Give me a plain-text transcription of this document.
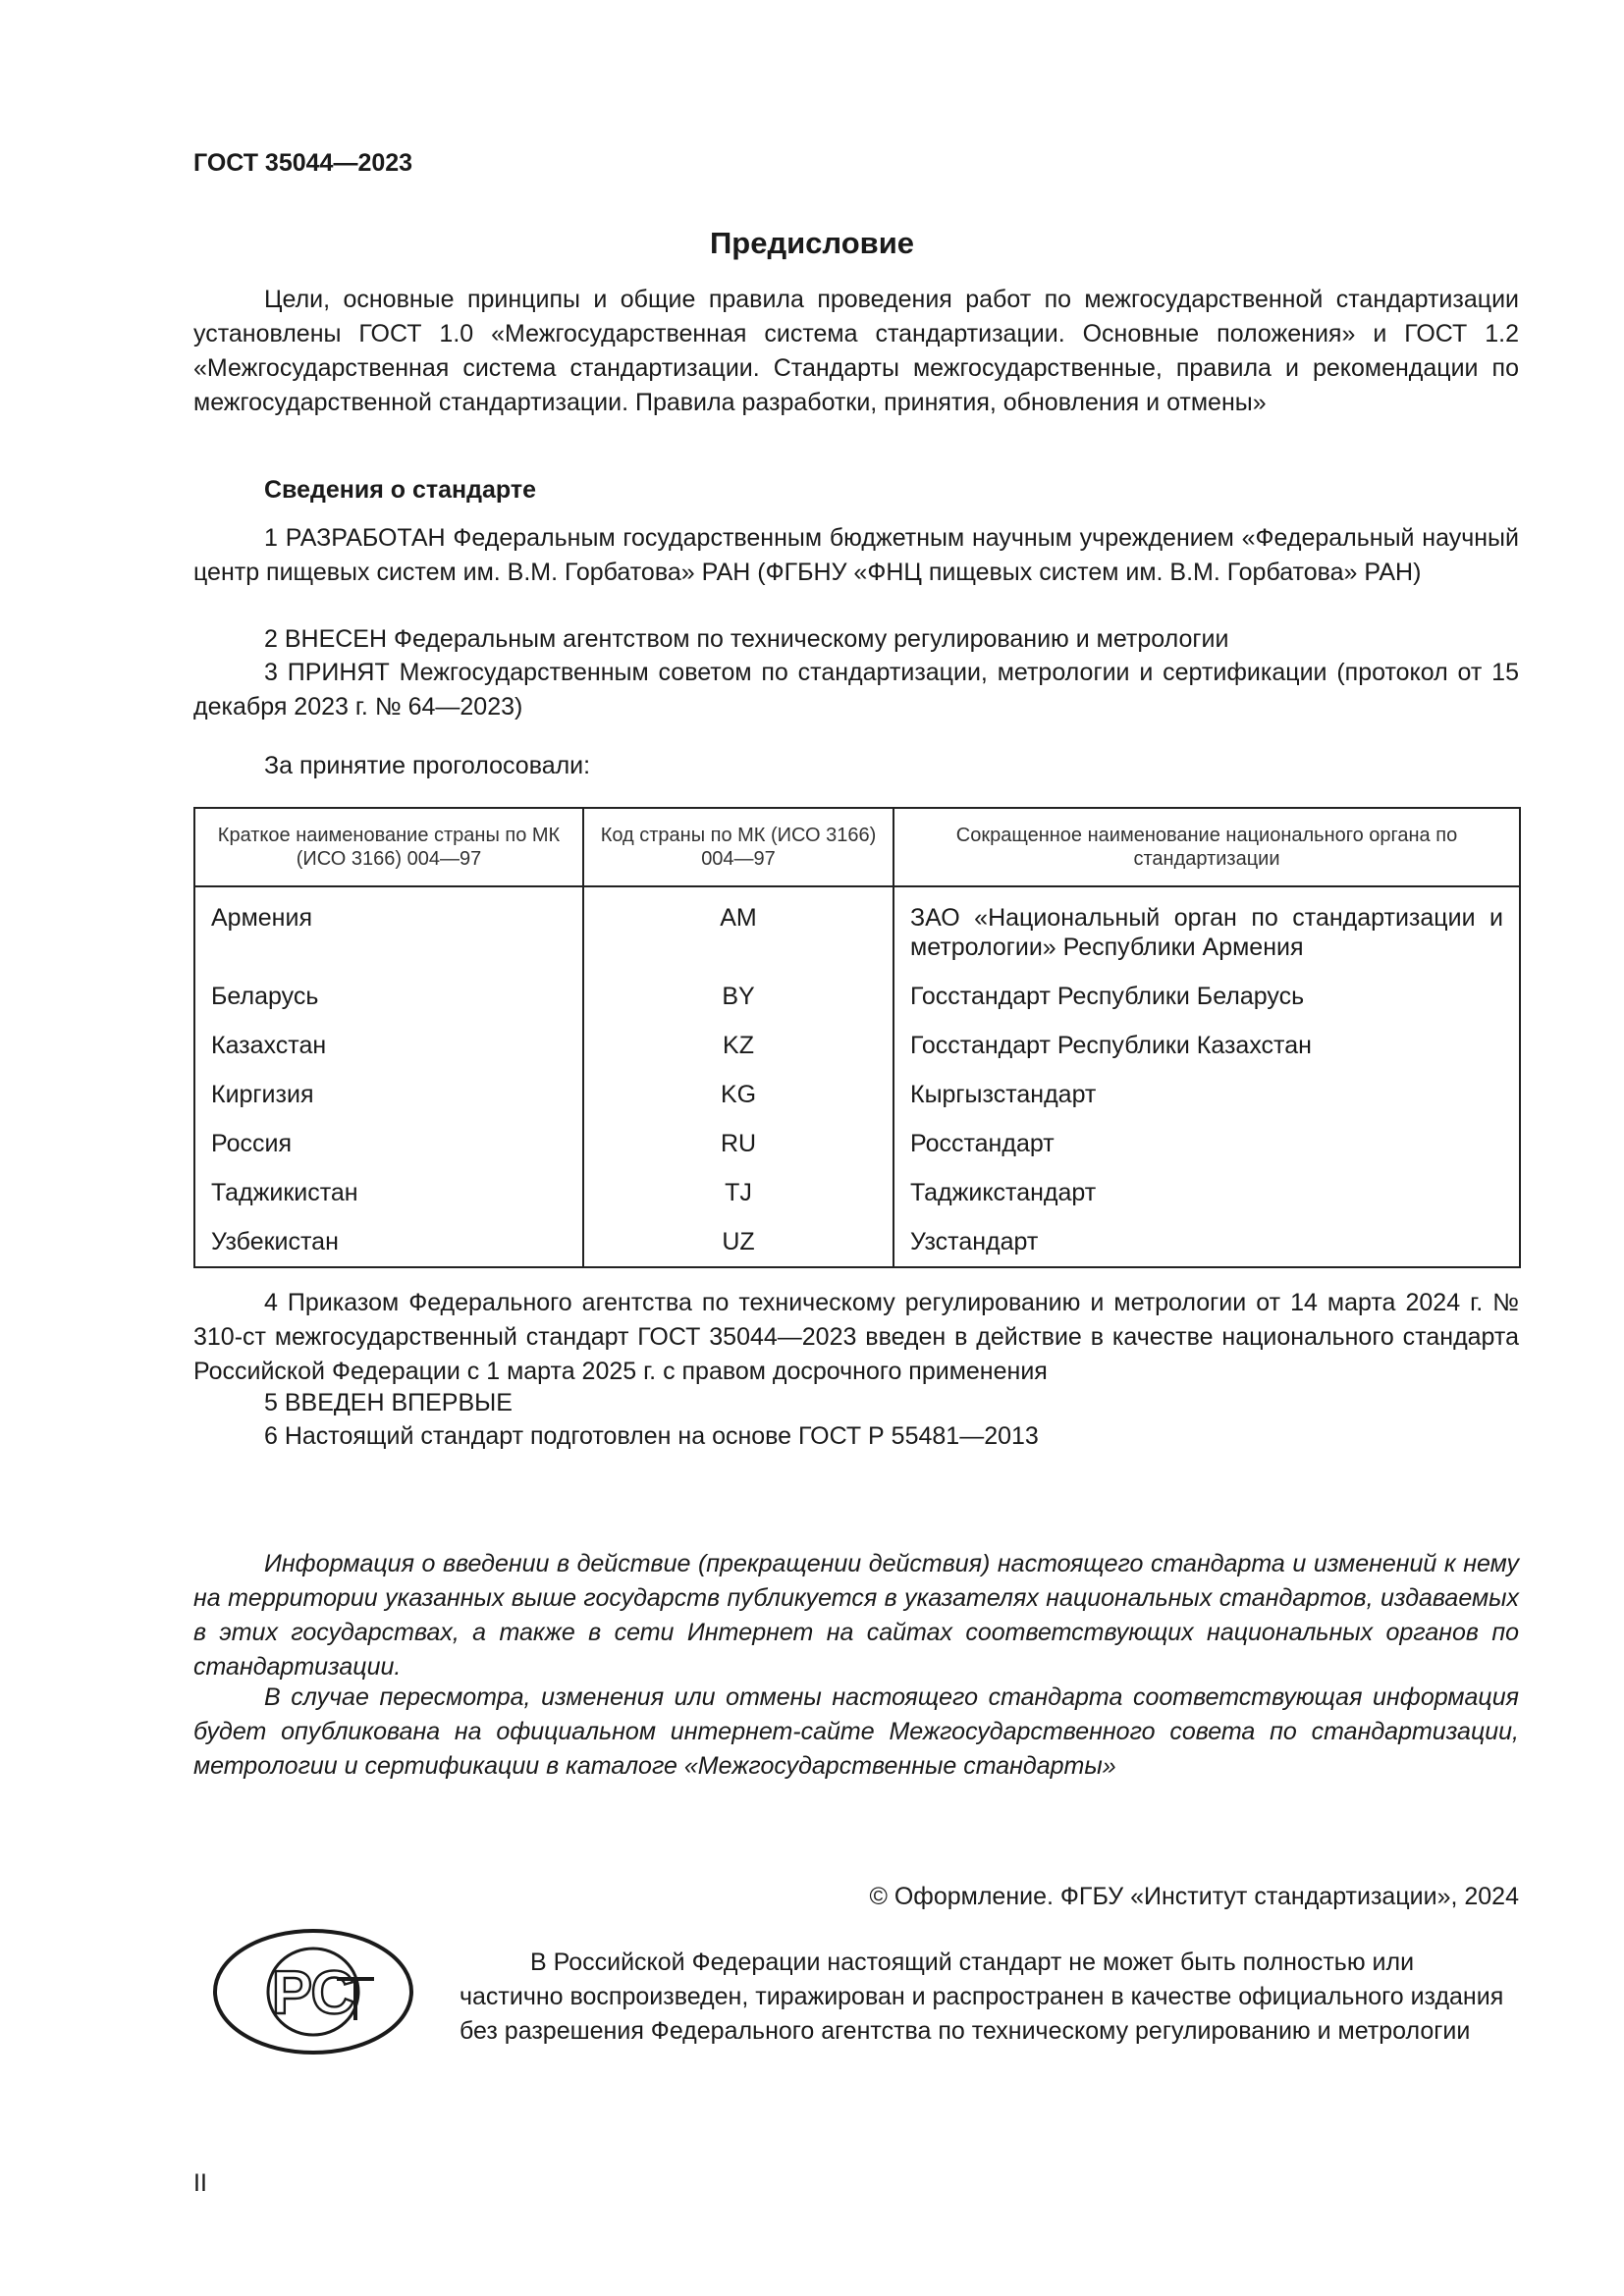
ГОСТ 35044—2023
Предисловие
Цели, основные принципы и общие правила проведения работ по межгосударственной стандартизации установлены ГОСТ 1.0 «Межгосударственная система стандартизации. Основные положения» и ГОСТ 1.2 «Межгосударственная система стандартизации. Стандарты межгосударственные, правила и рекомендации по межгосударственной стандартизации. Правила разработки, принятия, обновления и отмены»
Сведения о стандарте
1 РАЗРАБОТАН Федеральным государственным бюджетным научным учреждением «Федеральный научный центр пищевых систем им. В.М. Горбатова» РАН (ФГБНУ «ФНЦ пищевых систем им. В.М. Горбатова» РАН)
2 ВНЕСЕН Федеральным агентством по техническому регулированию и метрологии
3 ПРИНЯТ Межгосударственным советом по стандартизации, метрологии и сертификации (протокол от 15 декабря 2023 г. № 64—2023)
За принятие проголосовали:
Краткое наименование страны по МК (ИСО 3166) 004—97	Код страны по МК (ИСО 3166) 004—97	Сокращенное наименование национального органа по стандартизации
Армения	AM	ЗАО «Национальный орган по стандартизации и метрологии» Республики Армения
Беларусь	BY	Госстандарт Республики Беларусь
Казахстан	KZ	Госстандарт Республики Казахстан
Киргизия	KG	Кыргызстандарт
Россия	RU	Росстандарт
Таджикистан	TJ	Таджикстандарт
Узбекистан	UZ	Узстандарт
4 Приказом Федерального агентства по техническому регулированию и метрологии от 14 марта 2024 г. № 310-ст межгосударственный стандарт ГОСТ 35044—2023 введен в действие в качестве национального стандарта Российской Федерации с 1 марта 2025 г. с правом досрочного применения
5 ВВЕДЕН ВПЕРВЫЕ
6 Настоящий стандарт подготовлен на основе ГОСТ Р 55481—2013
Информация о введении в действие (прекращении действия) настоящего стандарта и изменений к нему на территории указанных выше государств публикуется в указателях национальных стандартов, издаваемых в этих государствах, а также в сети Интернет на сайтах соответствующих национальных органов по стандартизации.
В случае пересмотра, изменения или отмены настоящего стандарта соответствующая информация будет опубликована на официальном интернет-сайте Межгосударственного совета по стандартизации, метрологии и сертификации в каталоге «Межгосударственные стандарты»
© Оформление. ФГБУ «Институт стандартизации», 2024
РС	В Российской Федерации настоящий стандарт не может быть полностью или частично воспроизведен, тиражирован и распространен в качестве официального издания без разрешения Федерального агентства по техническому регулированию и метрологии
II
